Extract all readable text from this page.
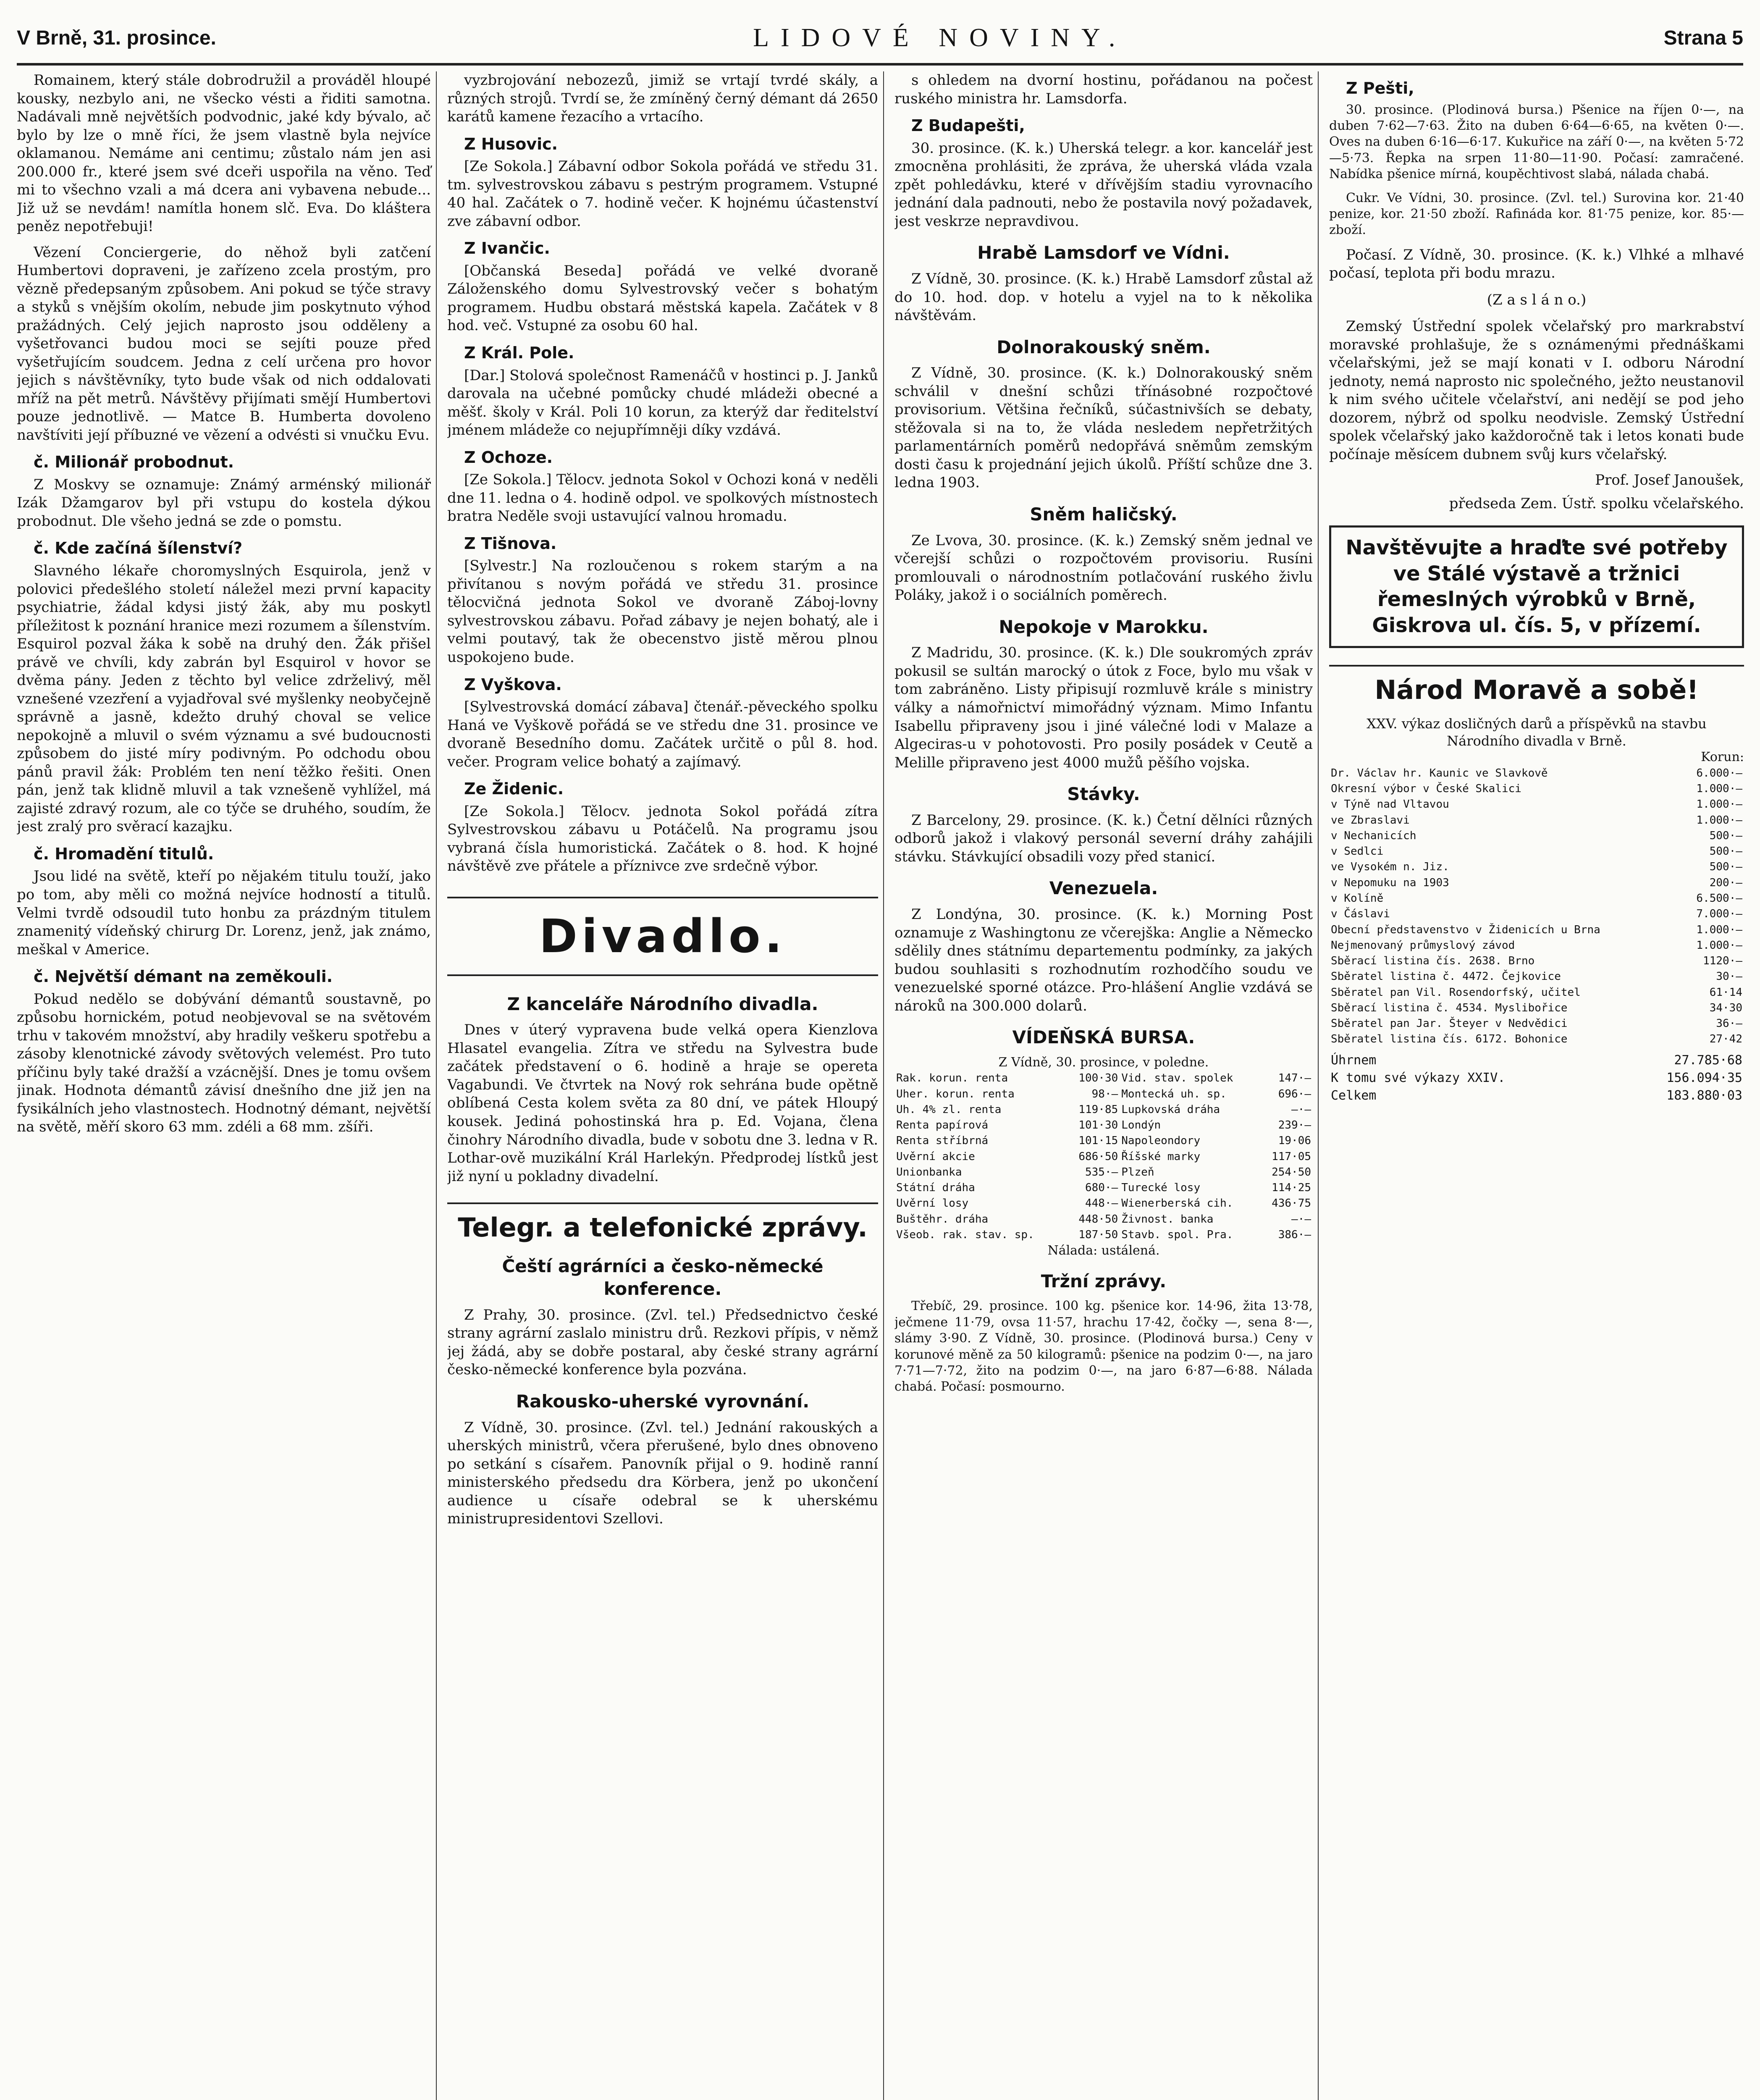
V Brně, 31. prosince.	LIDOVÉ NOVINY.	Strana 5

Romainem, který stále dobrodružil a prováděl hloupé kousky, nezbylo ani, ne všecko vésti a řiditi samotna. Nadávali mně největších podvodnic, jaké kdy bývalo, ač bylo by lze o mně říci, že jsem vlastně byla nejvíce oklamanou. Nemáme ani centimu; zůstalo nám jen asi 200.000 fr., které jsem své dceři uspořila na věno. Teď mi to všechno vzali a má dcera ani vybavena nebude... Již už se nevdám! namítla honem slč. Eva. Do kláštera peněz nepotřebuji!

Vězení Conciergerie, do něhož byli zatčení Humbertovi dopraveni, je zařízeno zcela prostým, pro vězně předepsaným způsobem. Ani pokud se týče stravy a styků s vnějším okolím, nebude jim poskytnuto výhod pražádných. Celý jejich naprosto jsou odděleny a vyšetřovanci budou moci se sejíti pouze před vyšetřujícím soudcem. Jedna z celí určena pro hovor jejich s návštěvníky, tyto bude však od nich oddalovati mříž na pět metrů. Návštěvy přijímati smějí Humbertovi pouze jednotlivě. — Matce B. Humberta dovoleno navštíviti její příbuzné ve vězení a odvésti si vnučku Evu.

č. Milionář probodnut.

Z Moskvy se oznamuje: Známý arménský milionář Izák Džamgarov byl při vstupu do kostela dýkou probodnut. Dle všeho jedná se zde o pomstu.

č. Kde začíná šílenství?

Slavného lékaře choromyslných Esquirola, jenž v polovici předešlého století náležel mezi první kapacity psychiatrie, žádal kdysi jistý žák, aby mu poskytl příležitost k poznání hranice mezi rozumem a šílenstvím. Esquirol pozval žáka k sobě na druhý den. Žák přišel právě ve chvíli, kdy zabrán byl Esquirol v hovor se dvěma pány. Jeden z těchto byl velice zdrželivý, měl vznešené vzezření a vyjadřoval své myšlenky neobyčejně správně a jasně, kdežto druhý choval se velice nepokojně a mluvil o svém významu a své budoucnosti způsobem do jisté míry podivným. Po odchodu obou pánů pravil žák: Problém ten není těžko řešiti. Onen pán, jenž tak klidně mluvil a tak vznešeně vyhlížel, má zajisté zdravý rozum, ale co týče se druhého, soudím, že jest zralý pro svěrací kazajku.

č. Hromadění titulů.

Jsou lidé na světě, kteří po nějakém titulu touží, jako po tom, aby měli co možná nejvíce hodností a titulů. Velmi tvrdě odsoudil tuto honbu za prázdným titulem znamenitý vídeňský chirurg Dr. Lorenz, jenž, jak známo, meškal v Americe.

č. Největší démant na zeměkouli.

Pokud nedělo se dobývání démantů soustavně, po způsobu hornickém, potud neobjevoval se na světovém trhu v takovém množství, aby hradily veškeru spotřebu a zásoby klenotnické závody světových velemést. Pro tuto příčinu byly také dražší a vzácnější. Dnes je tomu ovšem jinak. Hodnota démantů závisí dnešního dne již jen na fysikálních jeho vlastnostech. Hodnotný démant, největší na světě, měří skoro 63 mm. zdéli a 68 mm. zšíři.

vyzbrojování nebozezů, jimiž se vrtají tvrdé skály, a různých strojů. Tvrdí se, že zmíněný černý démant dá 2650 karátů kamene řezacího a vrtacího.

Z Husovic.

[Ze Sokola.] Zábavní odbor Sokola pořádá ve středu 31. tm. sylvestrovskou zábavu s pestrým programem. Vstupné 40 hal. Začátek o 7. hodině večer. K hojnému účastenství zve zábavní odbor.

Z Ivančic.

[Občanská Beseda] pořádá ve velké dvoraně Záloženského domu Sylvestrovský večer s bohatým programem. Hudbu obstará městská kapela. Začátek v 8 hod. več. Vstupné za osobu 60 hal.

Z Král. Pole.

[Dar.] Stolová společnost Ramenáčů v hostinci p. J. Janků darovala na učebné pomůcky chudé mládeži obecné a měšť. školy v Král. Poli 10 korun, za kterýž dar ředitelství jménem mládeže co nejupřímněji díky vzdává.

Z Ochoze.

[Ze Sokola.] Tělocv. jednota Sokol v Ochozi koná v neděli dne 11. ledna o 4. hodině odpol. ve spolkových místnostech bratra Neděle svoji ustavující valnou hromadu.

Z Tišnova.

[Sylvestr.] Na rozloučenou s rokem starým a na přivítanou s novým pořádá ve středu 31. prosince tělocvičná jednota Sokol ve dvoraně Záboj-lovny sylvestrovskou zábavu. Pořad zábavy je nejen bohatý, ale i velmi poutavý, tak že obecenstvo jistě měrou plnou uspokojeno bude.

Z Vyškova.

[Sylvestrovská domácí zábava] čtenář.-pěveckého spolku Haná ve Vyškově pořádá se ve středu dne 31. prosince ve dvoraně Besedního domu. Začátek určitě o půl 8. hod. večer. Program velice bohatý a zajímavý.

Ze Židenic.

[Ze Sokola.] Tělocv. jednota Sokol pořádá zítra Sylvestrovskou zábavu u Potáčelů. Na programu jsou vybraná čísla humoristická. Začátek o 8. hod. K hojné návštěvě zve přátele a příznivce zve srdečně výbor.

Divadlo.
Z kanceláře Národního divadla.

Dnes v úterý vypravena bude velká opera Kienzlova Hlasatel evangelia. Zítra ve středu na Sylvestra bude začátek představení o 6. hodině a hraje se opereta Vagabundi. Ve čtvrtek na Nový rok sehrána bude opětně oblíbená Cesta kolem světa za 80 dní, ve pátek Hloupý kousek. Jediná pohostinská hra p. Ed. Vojana, člena činohry Národního divadla, bude v sobotu dne 3. ledna v R. Lothar-ově muzikální Král Harlekýn. Předprodej lístků jest již nyní u pokladny divadelní.

Telegr. a telefonické zprávy.
Čeští agrárníci a česko-německé konference.

Z Prahy, 30. prosince. (Zvl. tel.) Předsednictvo české strany agrární zaslalo ministru drů. Rezkovi přípis, v němž jej žádá, aby se dobře postaral, aby české strany agrární česko-německé konference byla pozvána.

Rakousko-uherské vyrovnání.

Z Vídně, 30. prosince. (Zvl. tel.) Jednání rakouských a uherských ministrů, včera přerušené, bylo dnes obnoveno po setkání s císařem. Panovník přijal o 9. hodině ranní ministerského předsedu dra Körbera, jenž po ukončení audience u císaře odebral se k uherskému ministrupresidentovi Szellovi.

s ohledem na dvorní hostinu, pořádanou na počest ruského ministra hr. Lamsdorfa.

Z Budapešti,

30. prosince. (K. k.) Uherská telegr. a kor. kancelář jest zmocněna prohlásiti, že zpráva, že uherská vláda vzala zpět pohledávku, které v dřívějším stadiu vyrovnacího jednání dala padnouti, nebo že postavila nový požadavek, jest veskrze nepravdivou.

Hrabě Lamsdorf ve Vídni.

Z Vídně, 30. prosince. (K. k.) Hrabě Lamsdorf zůstal až do 10. hod. dop. v hotelu a vyjel na to k několika návštěvám.

Dolnorakouský sněm.

Z Vídně, 30. prosince. (K. k.) Dolnorakouský sněm schválil v dnešní schůzi třínásobné rozpočtové provisorium. Většina řečníků, súčastnivších se debaty, stěžovala si na to, že vláda nesledem nepřetržitých parlamentárních poměrů nedopřává sněmům zemským dosti času k projednání jejich úkolů. Příští schůze dne 3. ledna 1903.

Sněm haličský.

Ze Lvova, 30. prosince. (K. k.) Zemský sněm jednal ve včerejší schůzi o rozpočtovém provisoriu. Rusíni promlouvali o národnostním potlačování ruského živlu Poláky, jakož i o sociálních poměrech.

Nepokoje v Marokku.

Z Madridu, 30. prosince. (K. k.) Dle soukromých zpráv pokusil se sultán marocký o útok z Foce, bylo mu však v tom zabráněno. Listy připisují rozmluvě krále s ministry války a námořnictví mimořádný význam. Mimo Infantu Isabellu připraveny jsou i jiné válečné lodi v Malaze a Algeciras-u v pohotovosti. Pro posily posádek v Ceutě a Melille připraveno jest 4000 mužů pěšího vojska.

Stávky.

Z Barcelony, 29. prosince. (K. k.) Četní dělníci různých odborů jakož i vlakový personál severní dráhy zahájili stávku. Stávkující obsadili vozy před stanicí.

Venezuela.

Z Londýna, 30. prosince. (K. k.) Morning Post oznamuje z Washingtonu ze včerejška: Anglie a Německo sdělily dnes státnímu departementu podmínky, za jakých budou souhlasiti s rozhodnutím rozhodčího soudu ve venezuelské sporné otázce. Pro-hlášení Anglie vzdává se nároků na 300.000 dolarů.

VÍDEŇSKÁ BURSA.
Z Vídně, 30. prosince, v poledne.
Rak. korun. renta	100·30	Vid. stav. spolek	147·—
Uher. korun. renta	98·—	Montecká uh. sp.	696·—
Uh. 4% zl. renta	119·85	Lupkovská dráha	—·—
Renta papírová	101·30	Londýn	239·—
Renta stříbrná	101·15	Napoleondory	19·06
Uvěrní akcie	686·50	Říšské marky	117·05
Unionbanka	535·—	Plzeň	254·50
Státní dráha	680·—	Turecké losy	114·25
Uvěrní losy	448·—	Wienerberská cih.	436·75
Buštěhr. dráha	448·50	Živnost. banka	—·—
Všeob. rak. stav. sp.	187·50	Stavb. spol. Pra.	386·—
Nálada: ustálená.
Tržní zprávy.

Třebíč, 29. prosince. 100 kg. pšenice kor. 14·96, žita 13·78, ječmene 11·79, ovsa 11·57, hrachu 17·42, čočky —, sena 8·—, slámy 3·90. Z Vídně, 30. prosince. (Plodinová bursa.) Ceny v korunové měně za 50 kilogramů: pšenice na podzim 0·—, na jaro 7·71—7·72, žito na podzim 0·—, na jaro 6·87—6·88. Nálada chabá. Počasí: posmourno.

Z Pešti,

30. prosince. (Plodinová bursa.) Pšenice na říjen 0·—, na duben 7·62—7·63. Žito na duben 6·64—6·65, na květen 0·—. Oves na duben 6·16—6·17. Kukuřice na září 0·—, na květen 5·72—5·73. Řepka na srpen 11·80—11·90. Počasí: zamračené. Nabídka pšenice mírná, koupěchtivost slabá, nálada chabá.

Cukr. Ve Vídni, 30. prosince. (Zvl. tel.) Surovina kor. 21·40 penize, kor. 21·50 zboží. Rafináda kor. 81·75 penize, kor. 85·— zboží.

Počasí. Z Vídně, 30. prosince. (K. k.) Vlhké a mlhavé počasí, teplota při bodu mrazu.

(Z a s l á n o.)

Zemský Ústřední spolek včelařský pro markrabství moravské prohlašuje, že s oznámenými přednáškami včelařskými, jež se mají konati v I. odboru Národní jednoty, nemá naprosto nic společného, ježto neustanovil k nim svého učitele včelařství, ani nedějí se pod jeho dozorem, nýbrž od spolku neodvisle. Zemský Ústřední spolek včelařský jako každoročně tak i letos konati bude počínaje měsícem dubnem svůj kurs včelařský.

Prof. Josef Janoušek,
předseda Zem. Ústř. spolku včelařského.
Navštěvujte a hraďte své potřeby ve Stálé výstavě a tržnici řemeslných výrobků v Brně, Giskrova ul. čís. 5, v přízemí.
Národ Moravě a sobě!
XXV. výkaz dosličných darů a příspěvků na stavbu Národního divadla v Brně.
Korun:
Dr. Václav hr. Kaunic ve Slavkově	6.000·—
Okresní výbor v České Skalici	1.000·—
v Týně nad Vltavou	1.000·—
ve Zbraslavi	1.000·—
v Nechanicích	500·—
v Sedlci	500·—
ve Vysokém n. Jiz.	500·—
v Nepomuku na 1903	200·—
v Kolíně	6.500·—
v Čáslavi	7.000·—
Obecní představenstvo v Židenicích u Brna	1.000·—
Nejmenovaný průmyslový závod	1.000·—
Sběrací listina čís. 2638. Brno	1120·—
Sběratel listina č. 4472. Čejkovice	30·—
Sběratel pan Vil. Rosendorfský, učitel	61·14
Sběrací listina č. 4534. Myslibořice	34·30
Sběratel pan Jar. Šteyer v Nedvědici	36·—
Sběratel listina čís. 6172. Bohonice	27·42
Úhrnem	27.785·68
K tomu své výkazy XXIV.	156.094·35
Celkem	183.880·03
